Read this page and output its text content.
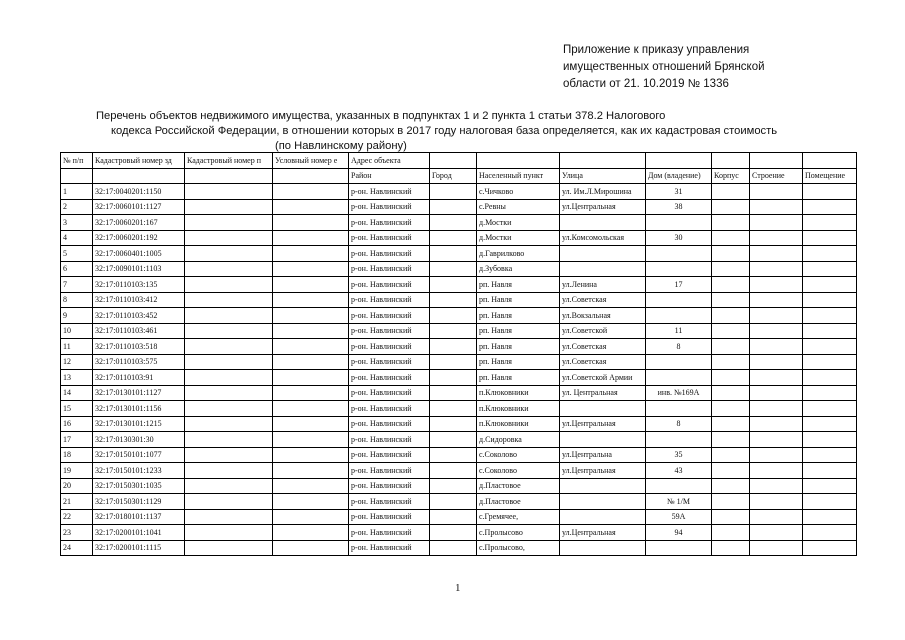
Приложение к приказу управления
имущественных отношений Брянской
области от 21. 10.2019 № 1336
Перечень объектов недвижимого имущества, указанных в подпунктах 1 и 2 пункта 1 статьи 378.2 Налогового
кодекса Российской Федерации, в отношении которых в 2017 году налоговая база определяется, как их кадастровая стоимость
(по Навлинскому району)
№ п/п	Кадастровый номер зд	Кадастровый номер п	Условный номер е	Адрес объекта							
				Район	Город	Населенный пункт	Улица	Дом (владение)	Корпус	Строение	Помещение
1	32:17:0040201:1150			р-он. Навлинский		с.Чичково	ул. Им.Л.Мирошина	31			
2	32:17:0060101:1127			р-он. Навлинский		с.Ревны	ул.Центральная	38			
3	32:17:0060201:167			р-он. Навлинский		д.Мостки					
4	32:17:0060201:192			р-он. Навлинский		д.Мостки	ул.Комсомольская	30			
5	32:17:0060401:1005			р-он. Навлинский		д.Гаврилково					
6	32:17:0090101:1103			р-он. Навлинский		д.Зубовка					
7	32:17:0110103:135			р-он. Навлинский		рп. Навля	ул.Ленина	17			
8	32:17:0110103:412			р-он. Навлинский		рп. Навля	ул.Советская				
9	32:17:0110103:452			р-он. Навлинский		рп. Навля	ул.Вокзальная				
10	32:17:0110103:461			р-он. Навлинский		рп. Навля	ул.Советской	11			
11	32:17:0110103:518			р-он. Навлинский		рп. Навля	ул.Советская	8			
12	32:17:0110103:575			р-он. Навлинский		рп. Навля	ул.Советская				
13	32:17:0110103:91			р-он. Навлинский		рп. Навля	ул.Советской Армии				
14	32:17:0130101:1127			р-он. Навлинский		п.Клюковники	ул. Центральная	инв. №169А			
15	32:17:0130101:1156			р-он. Навлинский		п.Клюковники					
16	32:17:0130101:1215			р-он. Навлинский		п.Клюковники	ул.Центральная	8			
17	32:17:0130301:30			р-он. Навлинский		д.Сидоровка					
18	32:17:0150101:1077			р-он. Навлинский		с.Соколово	ул.Центральна	35			
19	32:17:0150101:1233			р-он. Навлинский		с.Соколово	ул.Центральная	43			
20	32:17:0150301:1035			р-он. Навлинский		д.Пластовое					
21	32:17:0150301:1129			р-он. Навлинский		д.Пластовое		№ 1/М			
22	32:17:0180101:1137			р-он. Навлинский		с.Гремячее,		59А			
23	32:17:0200101:1041			р-он. Навлинский		с.Пролысово	ул.Центральная	94			
24	32:17:0200101:1115			р-он. Навлинский		с.Пролысово,					
1
